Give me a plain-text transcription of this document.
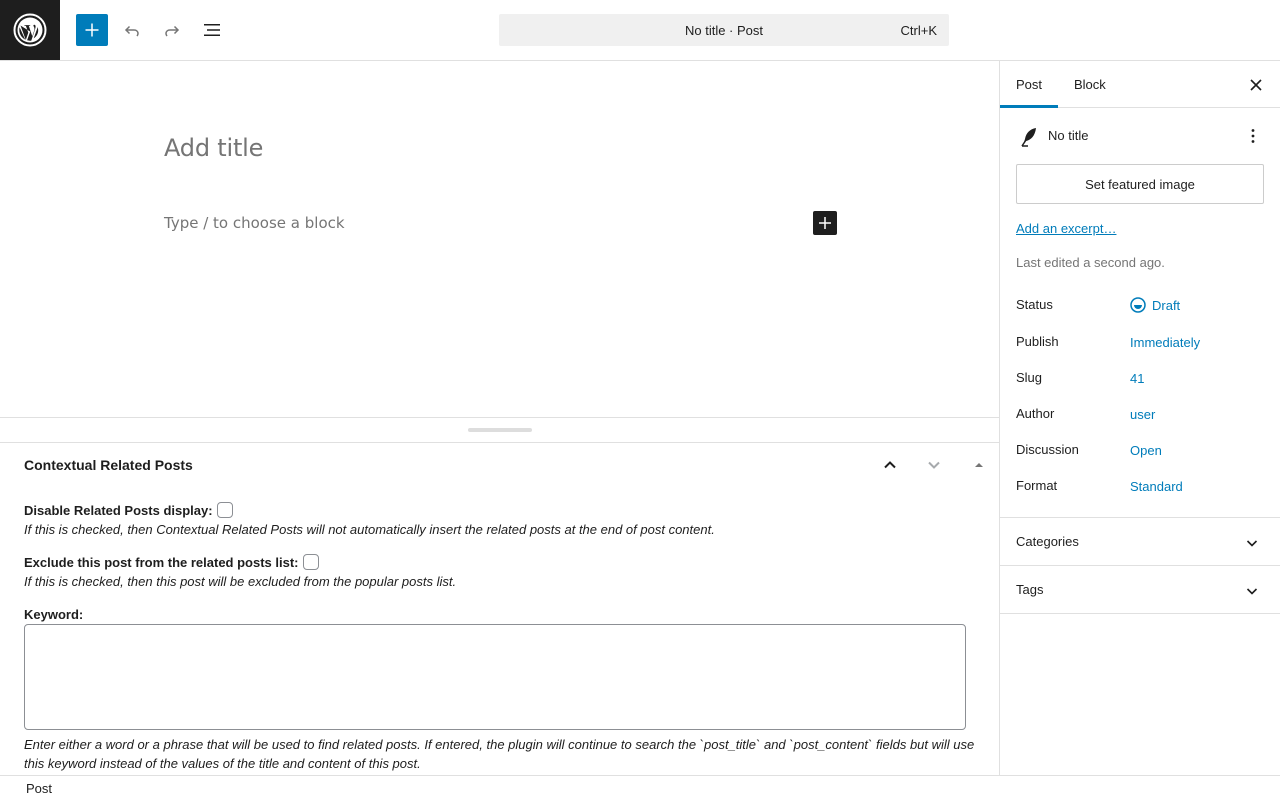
No title · Post	Ctrl+K
Add title
Type / to choose a block
Contextual Related Posts
Disable Related Posts display:
If this is checked, then Contextual Related Posts will not automatically insert the related posts at the end of post content.
Exclude this post from the related posts list:
If this is checked, then this post will be excluded from the popular posts list.
Keyword:
Enter either a word or a phrase that will be used to find related posts. If entered, the plugin will continue to search the `post_title` and `post_content` fields but will use this keyword instead of the values of the title and content of this post.
Post
Post	Block
No title
Set featured image
Add an excerpt…
Last edited a second ago.
Status	Draft
Publish	Immediately
Slug	41
Author	user
Discussion	Open
Format	Standard
Categories
Tags
